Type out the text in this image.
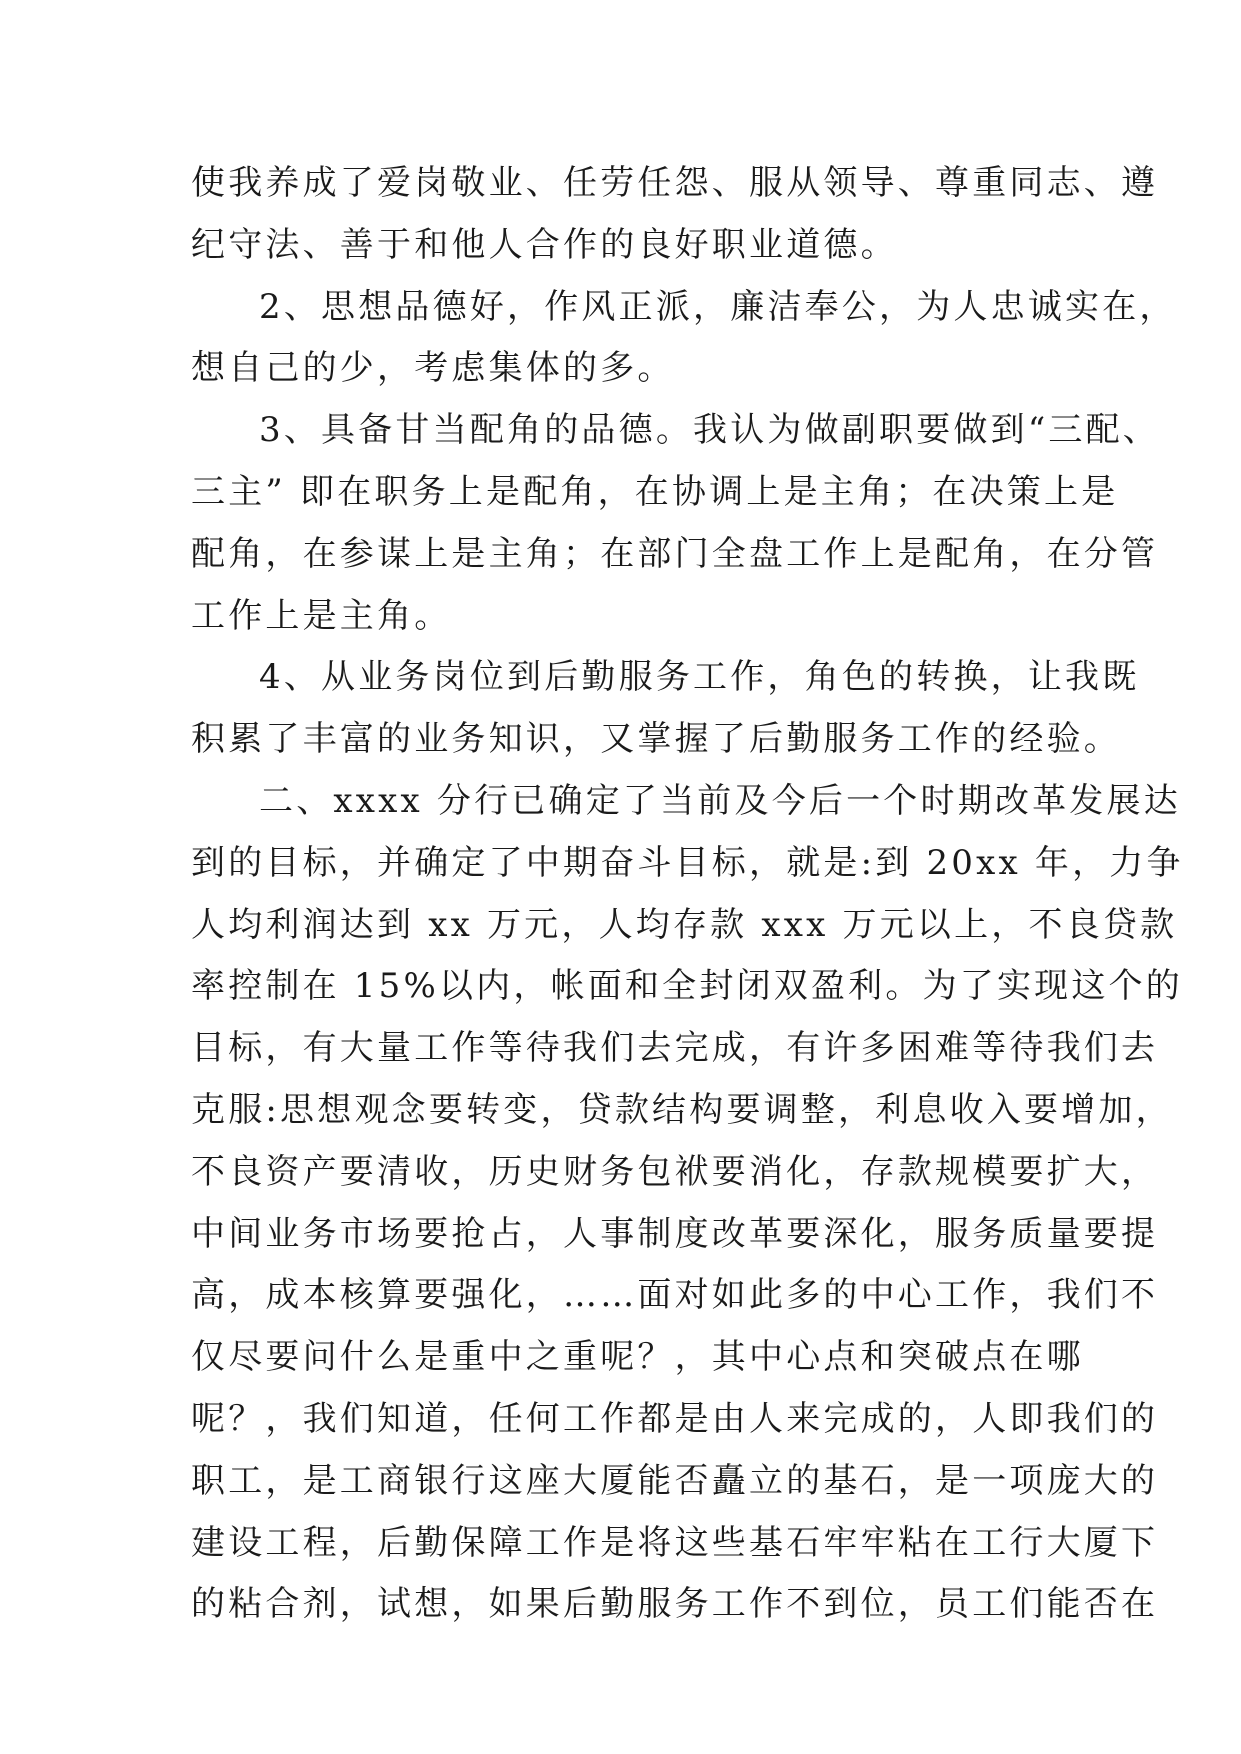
使我养成了爱岗敬业、任劳任怨、服从领导、尊重同志、遵
纪守法、善于和他人合作的良好职业道德。
2、思想品德好，作风正派，廉洁奉公，为人忠诚实在，
想自己的少，考虑集体的多。
3、具备甘当配角的品德。我认为做副职要做到“三配、
三主” 即在职务上是配角，在协调上是主角；在决策上是
配角，在参谋上是主角；在部门全盘工作上是配角，在分管
工作上是主角。
4、从业务岗位到后勤服务工作，角色的转换，让我既
积累了丰富的业务知识，又掌握了后勤服务工作的经验。
二、xxxx 分行已确定了当前及今后一个时期改革发展达
到的目标，并确定了中期奋斗目标，就是:到 20xx 年，力争
人均利润达到 xx 万元，人均存款 xxx 万元以上，不良贷款
率控制在 15%以内，帐面和全封闭双盈利。为了实现这个的
目标，有大量工作等待我们去完成，有许多困难等待我们去
克服:思想观念要转变，贷款结构要调整，利息收入要增加，
不良资产要清收，历史财务包袱要消化，存款规模要扩大，
中间业务市场要抢占，人事制度改革要深化，服务质量要提
高，成本核算要强化，……面对如此多的中心工作，我们不
仅尽要问什么是重中之重呢？，其中心点和突破点在哪
呢？，我们知道，任何工作都是由人来完成的，人即我们的
职工，是工商银行这座大厦能否矗立的基石，是一项庞大的
建设工程，后勤保障工作是将这些基石牢牢粘在工行大厦下
的粘合剂，试想，如果后勤服务工作不到位，员工们能否在
